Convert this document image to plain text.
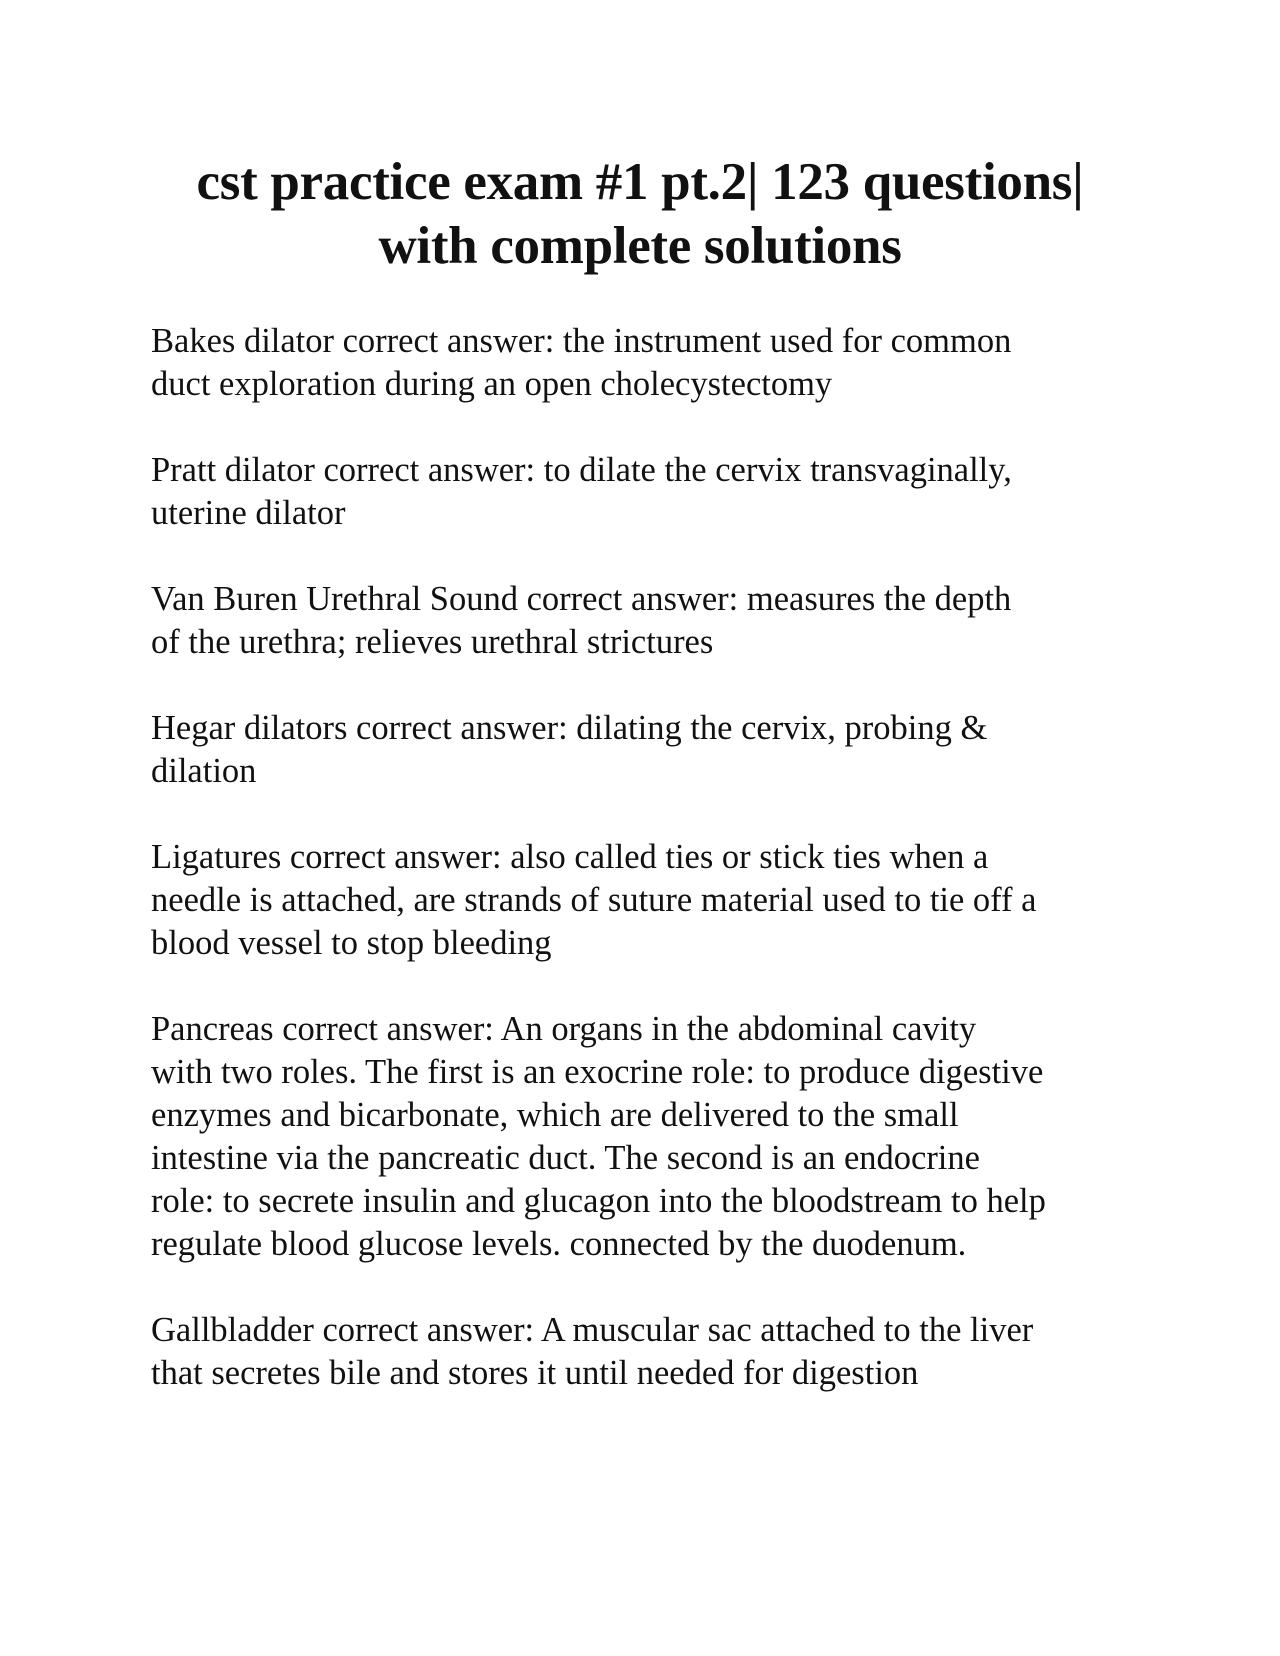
cst practice exam #1 pt.2| 123 questions|
with complete solutions
Bakes dilator correct answer: the instrument used for common
duct exploration during an open cholecystectomy
Pratt dilator correct answer: to dilate the cervix transvaginally,
uterine dilator
Van Buren Urethral Sound correct answer: measures the depth
of the urethra; relieves urethral strictures
Hegar dilators correct answer: dilating the cervix, probing &
dilation
Ligatures correct answer: also called ties or stick ties when a
needle is attached, are strands of suture material used to tie off a
blood vessel to stop bleeding
Pancreas correct answer: An organs in the abdominal cavity
with two roles. The first is an exocrine role: to produce digestive
enzymes and bicarbonate, which are delivered to the small
intestine via the pancreatic duct. The second is an endocrine
role: to secrete insulin and glucagon into the bloodstream to help
regulate blood glucose levels. connected by the duodenum.
Gallbladder correct answer: A muscular sac attached to the liver
that secretes bile and stores it until needed for digestion
